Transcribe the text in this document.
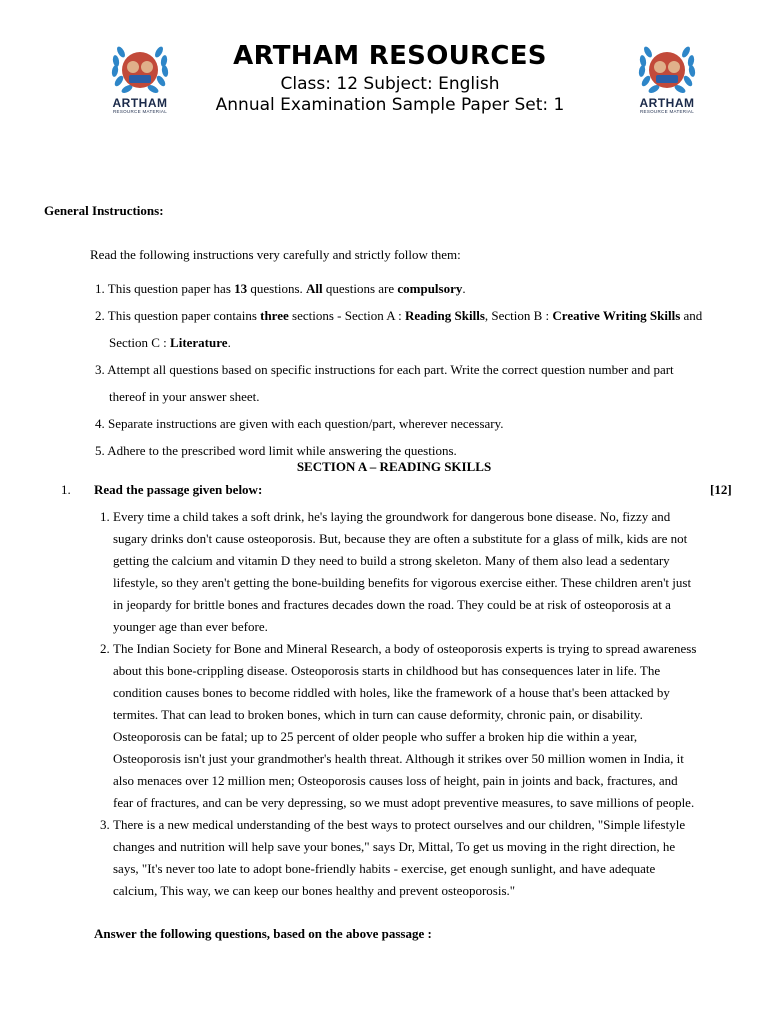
ARTHAM
RESOURCE MATERIAL
ARTHAM RESOURCES
Class: 12 Subject: English
Annual Examination Sample Paper Set: 1	ARTHAM
RESOURCE MATERIAL
General Instructions:
Read the following instructions very carefully and strictly follow them:
1. This question paper has 13 questions. All questions are compulsory.
2. This question paper contains three sections - Section A : Reading Skills, Section B : Creative Writing Skills and
Section C : Literature.
3. Attempt all questions based on specific instructions for each part. Write the correct question number and part
thereof in your answer sheet.
4. Separate instructions are given with each question/part, wherever necessary.
5. Adhere to the prescribed word limit while answering the questions.
SECTION A – READING SKILLS
1. Read the passage given below:	[12]
1. Every time a child takes a soft drink, he's laying the groundwork for dangerous bone disease. No, fizzy and sugary drinks don't cause osteoporosis. But, because they are often a substitute for a glass of milk, kids are not getting the calcium and vitamin D they need to build a strong skeleton. Many of them also lead a sedentary lifestyle, so they aren't getting the bone-building benefits for vigorous exercise either. These children aren't just in jeopardy for brittle bones and fractures decades down the road. They could be at risk of osteoporosis at a younger age than ever before.
2. The Indian Society for Bone and Mineral Research, a body of osteoporosis experts is trying to spread awareness about this bone-crippling disease. Osteoporosis starts in childhood but has consequences later in life. The condition causes bones to become riddled with holes, like the framework of a house that's been attacked by termites. That can lead to broken bones, which in turn can cause deformity, chronic pain, or disability. Osteoporosis can be fatal; up to 25 percent of older people who suffer a broken hip die within a year, Osteoporosis isn't just your grandmother's health threat. Although it strikes over 50 million women in India, it also menaces over 12 million men; Osteoporosis causes loss of height, pain in joints and back, fractures, and fear of fractures, and can be very depressing, so we must adopt preventive measures, to save millions of people.
3. There is a new medical understanding of the best ways to protect ourselves and our children, "Simple lifestyle changes and nutrition will help save your bones," says Dr, Mittal, To get us moving in the right direction, he says, "It's never too late to adopt bone-friendly habits - exercise, get enough sunlight, and have adequate calcium, This way, we can keep our bones healthy and prevent osteoporosis."
Answer the following questions, based on the above passage :
